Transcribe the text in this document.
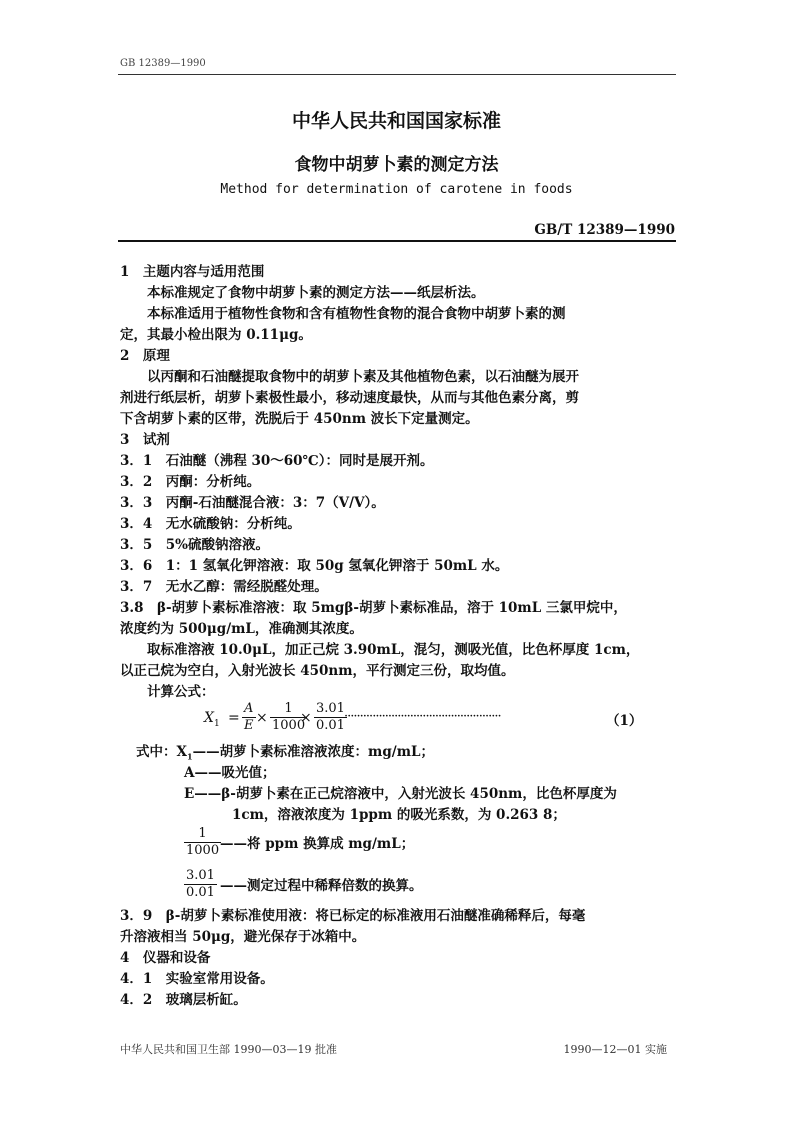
GB 12389—1990
中华人民共和国国家标准
食物中胡萝卜素的测定方法
Method for determination of carotene in foods
GB/T 12389—1990
1　主题内容与适用范围
　　本标准规定了食物中胡萝卜素的测定方法——纸层析法。
　　本标准适用于植物性食物和含有植物性食物的混合食物中胡萝卜素的测
定，其最小检出限为 0.11μg。
2　原理
　　以丙酮和石油醚提取食物中的胡萝卜素及其他植物色素，以石油醚为展开
剂进行纸层析，胡萝卜素极性最小，移动速度最快，从而与其他色素分离，剪
下含胡萝卜素的区带，洗脱后于 450nm 波长下定量测定。
3　试剂
3．1　石油醚（沸程 30～60℃）：同时是展开剂。
3．2　丙酮：分析纯。
3．3　丙酮-石油醚混合液：3：7（V/V）。
3．4　无水硫酸钠：分析纯。
3．5　5%硫酸钠溶液。
3．6　1：1 氢氧化钾溶液：取 50g 氢氧化钾溶于 50mL 水。
3．7　无水乙醇：需经脱醛处理。
3.8　β-胡萝卜素标准溶液：取 5mgβ-胡萝卜素标准品，溶于 10mL 三氯甲烷中，
浓度约为 500μg/mL，准确测其浓度。
　　取标准溶液 10.0μL，加正己烷 3.90mL，混匀，测吸光值，比色杯厚度 1cm，
以正己烷为空白，入射光波长 450nm，平行测定三份，取均值。
　　计算公式：
$X_1 = \frac{A}{E} \times \frac{1}{1000}$
× $\frac{3.01}{0.01}$
··················································	（1）
式中：$X_1——$胡萝卜素标准溶液浓度：mg/mL；
A——吸光值；
E——β-胡萝卜素在正己烷溶液中，入射光波长 450nm，比色杯厚度为
1cm，溶液浓度为 1ppm 的吸光系数，为 0.263 8；
$\frac{1}{1000}$
——将 ppm 换算成 mg/mL；
$\frac{3.01}{0.01}$ ——测定过程中稀释倍数的换算。
3．9　β-胡萝卜素标准使用液：将已标定的标准液用石油醚准确稀释后，每毫
升溶液相当 50μg，避光保存于冰箱中。
4　仪器和设备
4．1　实验室常用设备。
4．2　玻璃层析缸。
中华人民共和国卫生部 1990—03—19 批准	1990—12—01 实施
